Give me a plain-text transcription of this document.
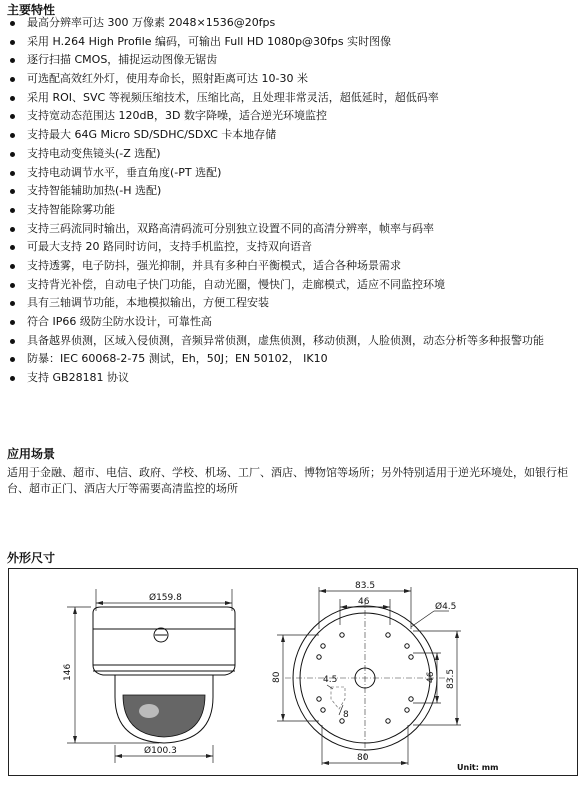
主要特性
最高分辨率可达 300 万像素 2048×1536@20fps
采用 H.264 High Profile 编码，可输出 Full HD 1080p@30fps 实时图像
逐行扫描 CMOS，捕捉运动图像无锯齿
可选配高效红外灯，使用寿命长，照射距离可达 10-30 米
采用 ROI、SVC 等视频压缩技术，压缩比高，且处理非常灵活，超低延时，超低码率
支持宽动态范围达 120dB，3D 数字降噪，适合逆光环境监控
支持最大 64G Micro SD/SDHC/SDXC 卡本地存储
支持电动变焦镜头(-Z 选配)
支持电动调节水平，垂直角度(-PT 选配)
支持智能辅助加热(-H 选配)
支持智能除雾功能
支持三码流同时输出，双路高清码流可分别独立设置不同的高清分辨率，帧率与码率
可最大支持 20 路同时访问，支持手机监控，支持双向语音
支持透雾，电子防抖，强光抑制，并具有多种白平衡模式，适合各种场景需求
支持背光补偿，自动电子快门功能，自动光圈，慢快门，走廊模式，适应不同监控环境
具有三轴调节功能，本地模拟输出，方便工程安装
符合 IP66 级防尘防水设计，可靠性高
具备越界侦测，区域入侵侦测，音频异常侦测，虚焦侦测，移动侦测，人脸侦测，动态分析等多种报警功能
防暴：IEC 60068-2-75 测试，Eh，50J；EN 50102， IK10
支持 GB28181 协议
应用场景

适用于金融、超市、电信、政府、学校、机场、工厂、酒店、博物馆等场所；另外特别适用于逆光环境处，如银行柜台、超市正门、酒店大厅等需要高清监控的场所

外形尺寸
Ø159.8
146
Ø100.3
83.5
46	Ø4.5
4.5
8
80	46 83.5
80
Unit: mm
